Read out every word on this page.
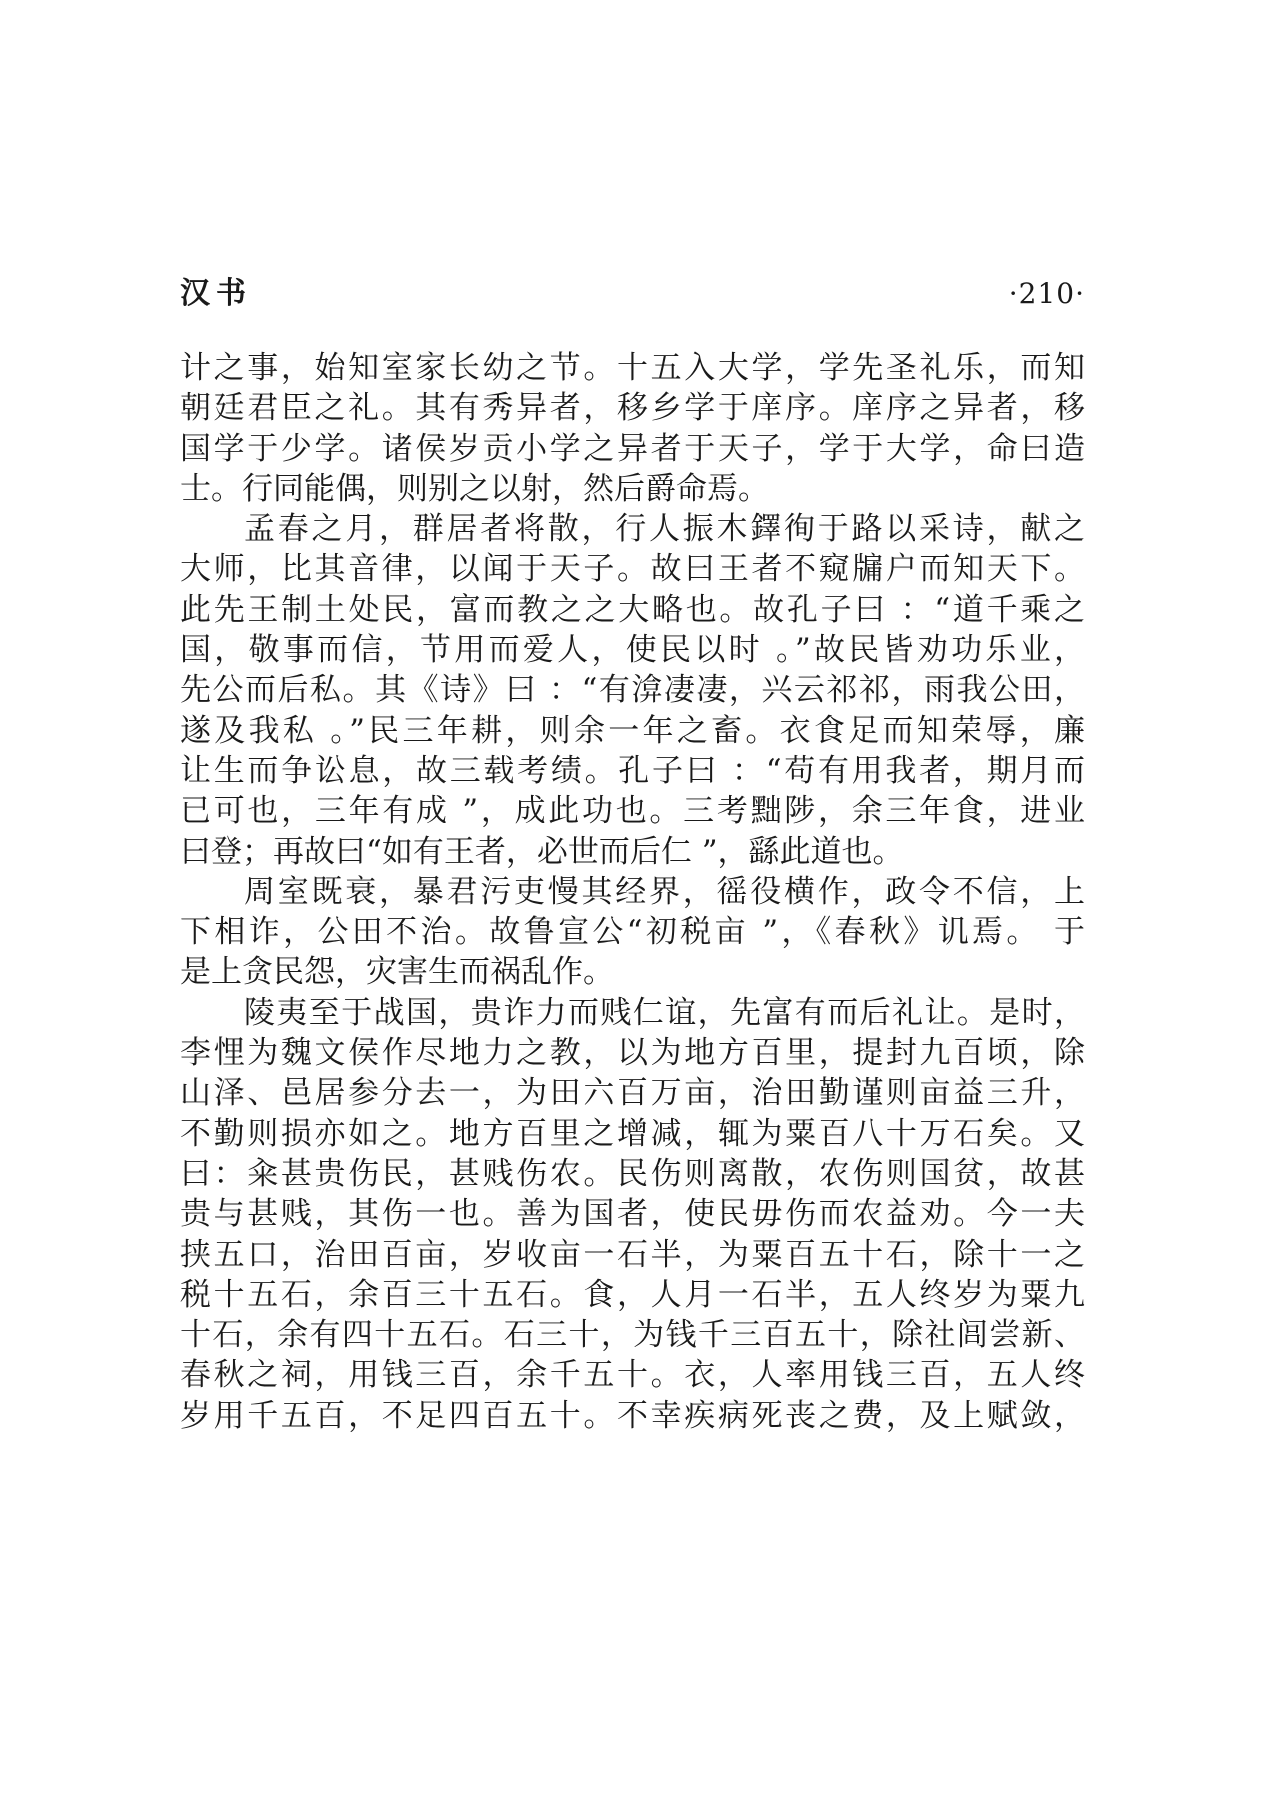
汉书	·210·
计之事，始知室家长幼之节。十五入大学，学先圣礼乐，而知
朝廷君臣之礼。其有秀异者，移乡学于庠序。庠序之异者，移
国学于少学。诸侯岁贡小学之异者于天子，学于大学，命曰造
士。行同能偶，则别之以射，然后爵命焉。
孟春之月，群居者将散，行人振木鐸徇于路以采诗，献之
大师，比其音律，以闻于天子。故曰王者不窥牖户而知天下。
此先王制土处民，富而教之之大略也。故孔子曰 ：“道千乘之
国，敬事而信，节用而爱人，使民以时 。”故民皆劝功乐业，
先公而后私。其《诗》曰 ：“有渰凄凄，兴云祁祁，雨我公田，
遂及我私 。”民三年耕，则余一年之畜。衣食足而知荣辱，廉
让生而争讼息，故三载考绩。孔子曰 ：“苟有用我者，期月而
已可也，三年有成 ”，成此功也。三考黜陟，余三年食，进业
曰登；再故曰“如有王者，必世而后仁 ”，繇此道也。
周室既衰，暴君污吏慢其经界，徭役横作，政令不信，上
下相诈，公田不治。故鲁宣公“初税亩 ”，《春秋》讥焉。 于
是上贪民怨，灾害生而祸乱作。
陵夷至于战国，贵诈力而贱仁谊，先富有而后礼让。是时，
李悝为魏文侯作尽地力之教，以为地方百里，提封九百顷，除
山泽、邑居参分去一，为田六百万亩，治田勤谨则亩益三升，
不勤则损亦如之。地方百里之增减，辄为粟百八十万石矣。又
曰：籴甚贵伤民，甚贱伤农。民伤则离散，农伤则国贫，故甚
贵与甚贱，其伤一也。善为国者，使民毋伤而农益劝。今一夫
挟五口，治田百亩，岁收亩一石半，为粟百五十石，除十一之
税十五石，余百三十五石。食，人月一石半，五人终岁为粟九
十石，余有四十五石。石三十，为钱千三百五十，除社闾尝新、
春秋之祠，用钱三百，余千五十。衣，人率用钱三百，五人终
岁用千五百，不足四百五十。不幸疾病死丧之费，及上赋敛，
